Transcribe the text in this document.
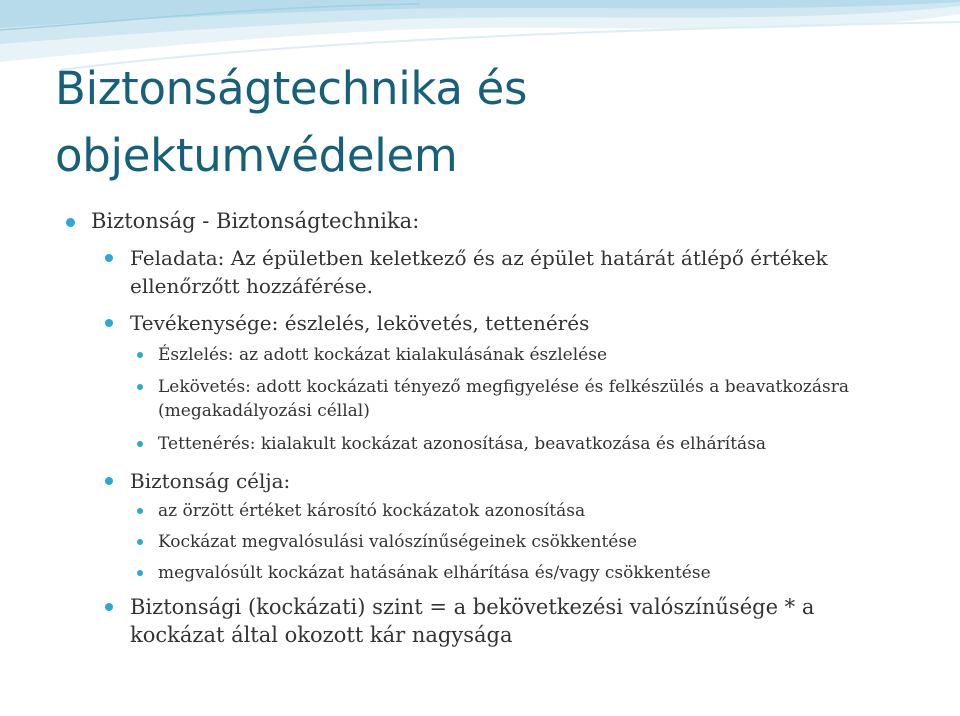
Biztonságtechnika és objektumvédelem
Biztonság - Biztonságtechnika:
Feladata: Az épületben keletkező és az épület határát átlépő értékek ellenőrzőtt hozzáférése.
Tevékenysége: észlelés, lekövetés, tettenérés
Észlelés: az adott kockázat kialakulásának észlelése
Lekövetés: adott kockázati tényező megfigyelése és felkészülés a beavatkozásra (megakadályozási céllal)
Tettenérés: kialakult kockázat azonosítása, beavatkozása és elhárítása
Biztonság célja:
az örzött értéket károsító kockázatok azonosítása
Kockázat megvalósulási valószínűségeinek csökkentése
megvalósúlt kockázat hatásának elhárítása és/vagy csökkentése
Biztonsági (kockázati) szint = a bekövetkezési valószínűsége * a kockázat által okozott kár nagysága
